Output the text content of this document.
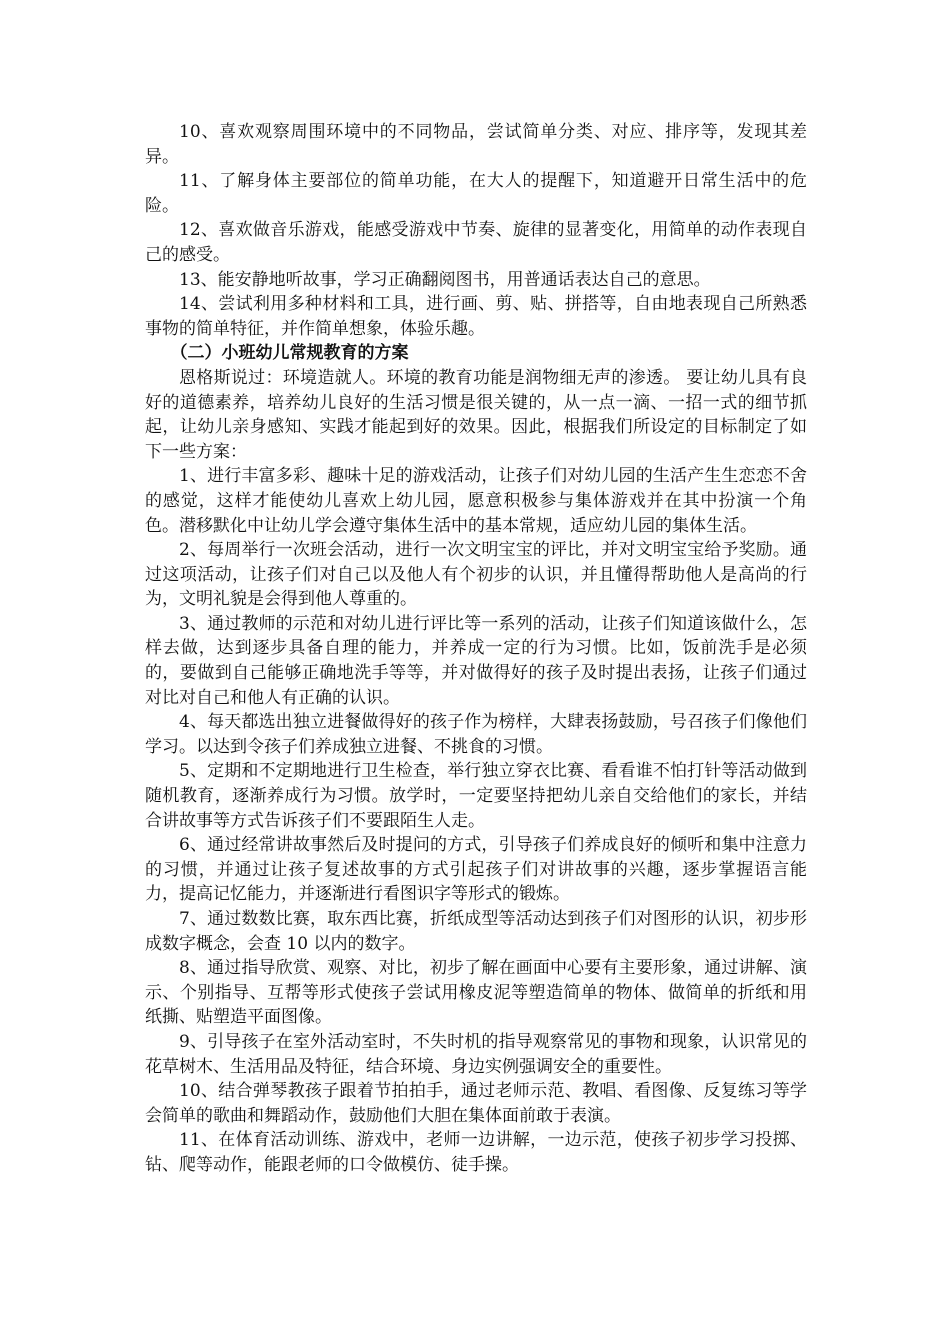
10、喜欢观察周围环境中的不同物品，尝试简单分类、对应、排序等，发现其差异。

11、了解身体主要部位的简单功能，在大人的提醒下，知道避开日常生活中的危险。

12、喜欢做音乐游戏，能感受游戏中节奏、旋律的显著变化，用简单的动作表现自己的感受。

13、能安静地听故事，学习正确翻阅图书，用普通话表达自己的意思。

14、尝试利用多种材料和工具，进行画、剪、贴、拼搭等，自由地表现自己所熟悉事物的简单特征，并作简单想象，体验乐趣。

（二）小班幼儿常规教育的方案

恩格斯说过：环境造就人。环境的教育功能是润物细无声的渗透。 要让幼儿具有良好的道德素养，培养幼儿良好的生活习惯是很关键的，从一点一滴、一招一式的细节抓起，让幼儿亲身感知、实践才能起到好的效果。因此，根据我们所设定的目标制定了如下一些方案：

1、进行丰富多彩、趣味十足的游戏活动，让孩子们对幼儿园的生活产生生恋恋不舍的感觉，这样才能使幼儿喜欢上幼儿园，愿意积极参与集体游戏并在其中扮演一个角色。潜移默化中让幼儿学会遵守集体生活中的基本常规，适应幼儿园的集体生活。

2、每周举行一次班会活动，进行一次文明宝宝的评比，并对文明宝宝给予奖励。通过这项活动，让孩子们对自己以及他人有个初步的认识，并且懂得帮助他人是高尚的行为，文明礼貌是会得到他人尊重的。

3、通过教师的示范和对幼儿进行评比等一系列的活动，让孩子们知道该做什么，怎样去做，达到逐步具备自理的能力，并养成一定的行为习惯。比如，饭前洗手是必须的，要做到自己能够正确地洗手等等，并对做得好的孩子及时提出表扬，让孩子们通过对比对自己和他人有正确的认识。

4、每天都选出独立进餐做得好的孩子作为榜样，大肆表扬鼓励，号召孩子们像他们学习。以达到令孩子们养成独立进餐、不挑食的习惯。

5、定期和不定期地进行卫生检查，举行独立穿衣比赛、看看谁不怕打针等活动做到随机教育，逐渐养成行为习惯。放学时，一定要坚持把幼儿亲自交给他们的家长，并结合讲故事等方式告诉孩子们不要跟陌生人走。

6、通过经常讲故事然后及时提问的方式，引导孩子们养成良好的倾听和集中注意力的习惯，并通过让孩子复述故事的方式引起孩子们对讲故事的兴趣，逐步掌握语言能力，提高记忆能力，并逐渐进行看图识字等形式的锻炼。

7、通过数数比赛，取东西比赛，折纸成型等活动达到孩子们对图形的认识，初步形成数字概念，会查 10 以内的数字。

8、通过指导欣赏、观察、对比，初步了解在画面中心要有主要形象，通过讲解、演示、个别指导、互帮等形式使孩子尝试用橡皮泥等塑造简单的物体、做简单的折纸和用纸撕、贴塑造平面图像。

9、引导孩子在室外活动室时，不失时机的指导观察常见的事物和现象，认识常见的花草树木、生活用品及特征，结合环境、身边实例强调安全的重要性。

10、结合弹琴教孩子跟着节拍拍手，通过老师示范、教唱、看图像、反复练习等学会简单的歌曲和舞蹈动作，鼓励他们大胆在集体面前敢于表演。

11、在体育活动训练、游戏中，老师一边讲解，一边示范，使孩子初步学习投掷、钻、爬等动作，能跟老师的口令做模仿、徒手操。
